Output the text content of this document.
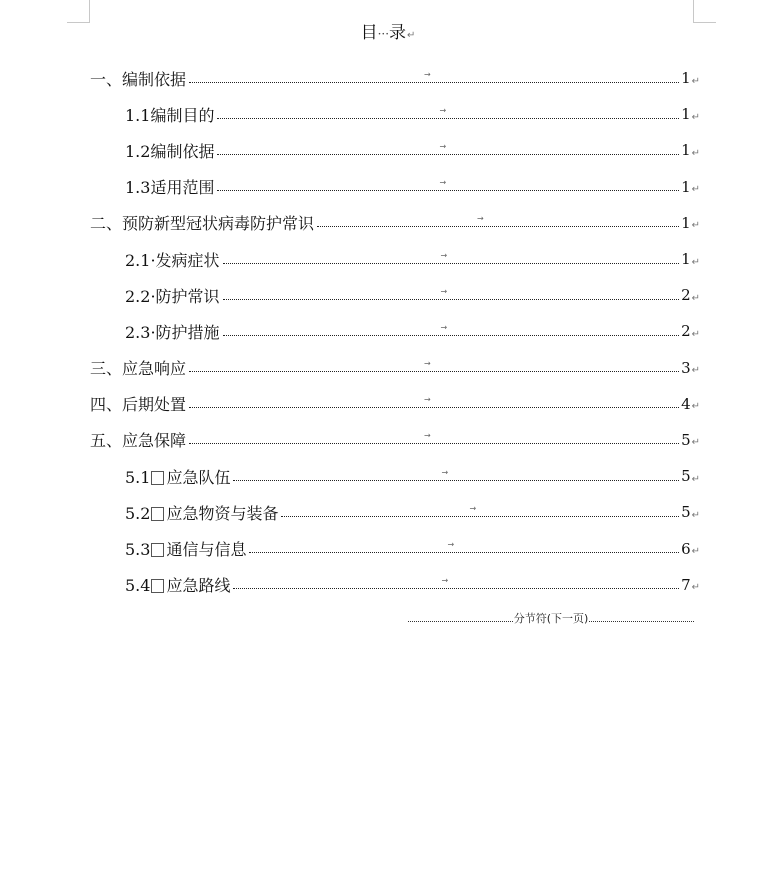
目···录↵
一、编制依据	→	1 ↵
1.1编制目的	→	1 ↵
1.2编制依据	→	1 ↵
1.3适用范围	→	1 ↵
二、预防新型冠状病毒防护常识	→	1 ↵
2.1·发病症状	→	1 ↵
2.2·防护常识	→	2 ↵
2.3·防护措施	→	2 ↵
三、应急响应	→	3 ↵
四、后期处置	→	4 ↵
五、应急保障	→	5 ↵
5.1 应急队伍	→	5 ↵
5.2 应急物资与装备	→	5 ↵
5.3 通信与信息	→	6 ↵
5.4 应急路线	→	7 ↵
分节符(下一页)
